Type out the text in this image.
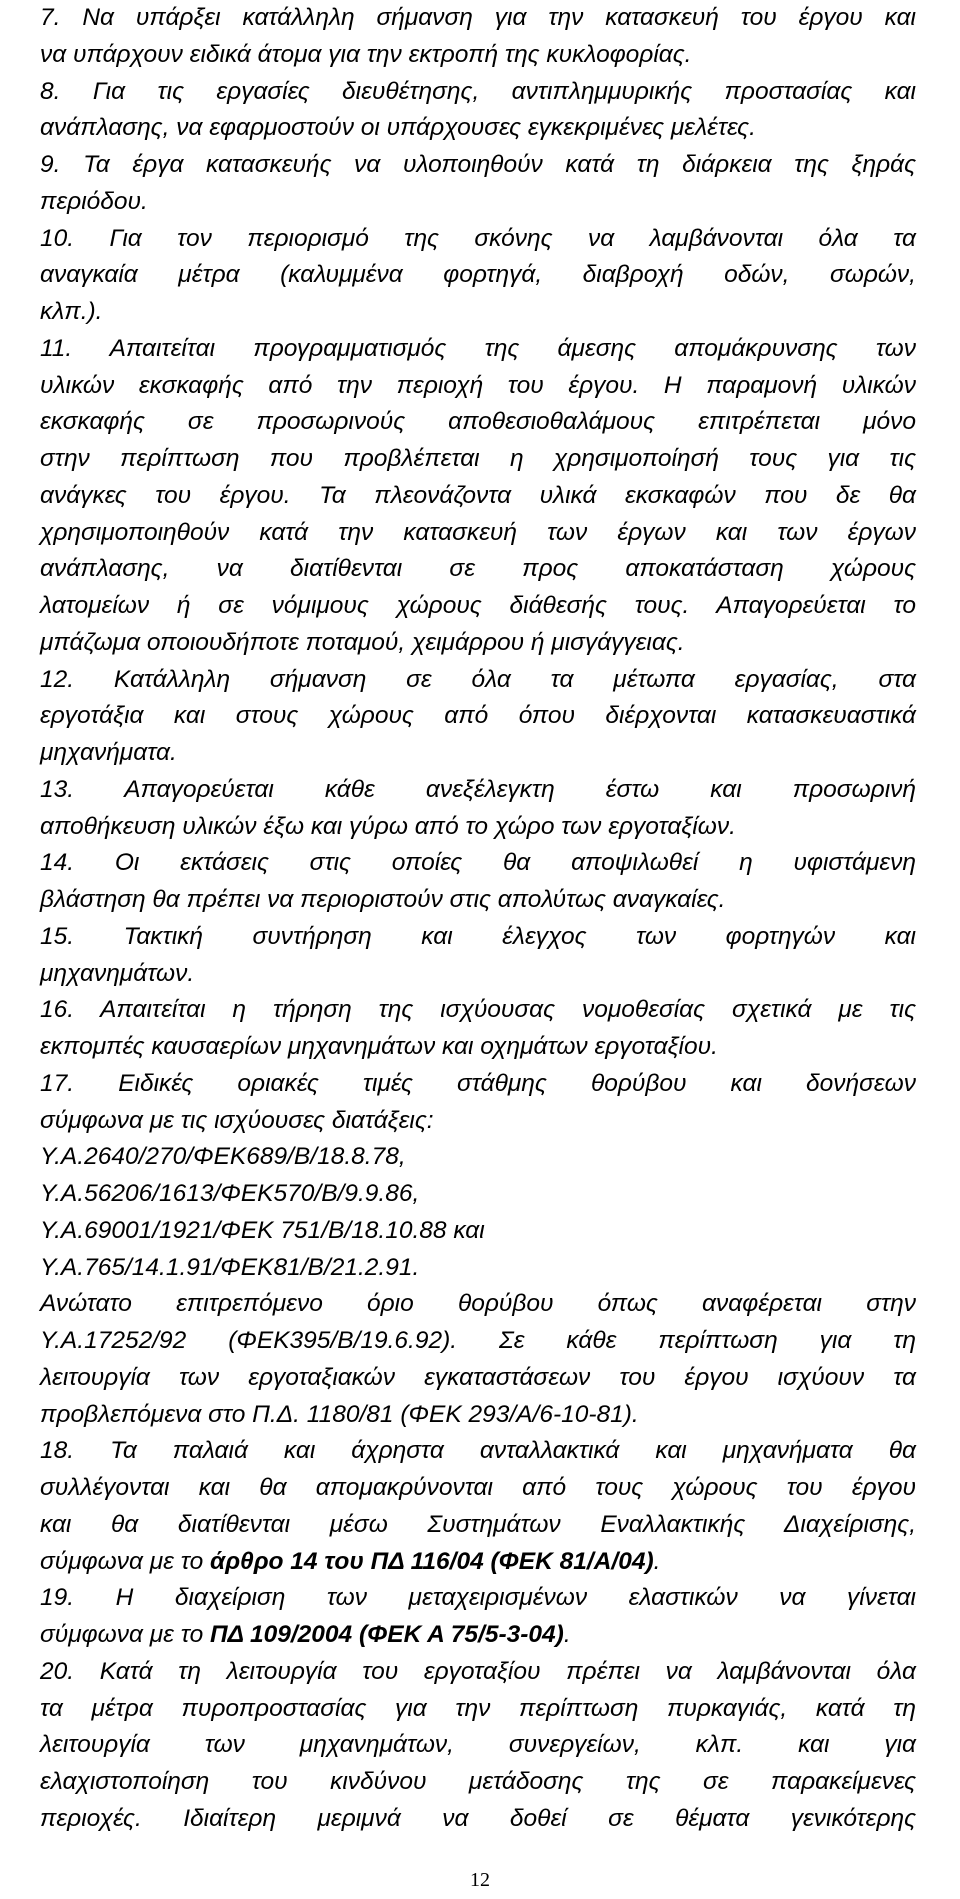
7. Να υπάρξει κατάλληλη σήμανση για την κατασκευή του έργου και
να υπάρχουν ειδικά άτομα για την εκτροπή της κυκλοφορίας.
8. Για τις εργασίες διευθέτησης, αντιπλημμυρικής προστασίας και
ανάπλασης, να εφαρμοστούν οι υπάρχουσες εγκεκριμένες μελέτες.
9. Τα έργα κατασκευής να υλοποιηθούν κατά τη διάρκεια της ξηράς
περιόδου.
10. Για τον περιορισμό της σκόνης να λαμβάνονται όλα τα
αναγκαία μέτρα (καλυμμένα φορτηγά, διαβροχή οδών, σωρών,
κλπ.).
11. Απαιτείται προγραμματισμός της άμεσης απομάκρυνσης των
υλικών εκσκαφής από την περιοχή του έργου. Η παραμονή υλικών
εκσκαφής σε προσωρινούς αποθεσιοθαλάμους επιτρέπεται μόνο
στην περίπτωση που προβλέπεται η χρησιμοποίησή τους για τις
ανάγκες του έργου. Τα πλεονάζοντα υλικά εκσκαφών που δε θα
χρησιμοποιηθούν κατά την κατασκευή των έργων και των έργων
ανάπλασης, να διατίθενται σε προς αποκατάσταση χώρους
λατομείων ή σε νόμιμους χώρους διάθεσής τους. Απαγορεύεται το
μπάζωμα οποιουδήποτε ποταμού, χειμάρρου ή μισγάγγειας.
12. Κατάλληλη σήμανση σε όλα τα μέτωπα εργασίας, στα
εργοτάξια και στους χώρους από όπου διέρχονται κατασκευαστικά
μηχανήματα.
13. Απαγορεύεται κάθε ανεξέλεγκτη έστω και προσωρινή
αποθήκευση υλικών έξω και γύρω από το χώρο των εργοταξίων.
14. Οι εκτάσεις στις οποίες θα αποψιλωθεί η υφιστάμενη
βλάστηση θα πρέπει να περιοριστούν στις απολύτως αναγκαίες.
15. Τακτική συντήρηση και έλεγχος των φορτηγών και
μηχανημάτων.
16. Απαιτείται η τήρηση της ισχύουσας νομοθεσίας σχετικά με τις
εκπομπές καυσαερίων μηχανημάτων και οχημάτων εργοταξίου.
17. Ειδικές οριακές τιμές στάθμης θορύβου και δονήσεων
σύμφωνα με τις ισχύουσες διατάξεις:
Υ.Α.2640/270/ΦΕΚ689/Β/18.8.78,
Υ.Α.56206/1613/ΦΕΚ570/Β/9.9.86,
Υ.Α.69001/1921/ΦΕΚ 751/Β/18.10.88 και
Υ.Α.765/14.1.91/ΦΕΚ81/Β/21.2.91.
Ανώτατο επιτρεπόμενο όριο θορύβου όπως αναφέρεται στην
Υ.Α.17252/92 (ΦΕΚ395/Β/19.6.92). Σε κάθε περίπτωση για τη
λειτουργία των εργοταξιακών εγκαταστάσεων του έργου ισχύουν τα
προβλεπόμενα στο Π.Δ. 1180/81 (ΦΕΚ 293/Α/6-10-81).
18. Τα παλαιά και άχρηστα ανταλλακτικά και μηχανήματα θα
συλλέγονται και θα απομακρύνονται από τους χώρους του έργου
και θα διατίθενται μέσω Συστημάτων Εναλλακτικής Διαχείρισης,
σύμφωνα με το άρθρο 14 του ΠΔ 116/04 (ΦΕΚ 81/Α/04).
19. Η διαχείριση των μεταχειρισμένων ελαστικών να γίνεται
σύμφωνα με το ΠΔ 109/2004 (ΦΕΚ Α 75/5-3-04).
20. Κατά τη λειτουργία του εργοταξίου πρέπει να λαμβάνονται όλα
τα μέτρα πυροπροστασίας για την περίπτωση πυρκαγιάς, κατά τη
λειτουργία των μηχανημάτων, συνεργείων, κλπ. και για
ελαχιστοποίηση του κινδύνου μετάδοσης της σε παρακείμενες
περιοχές. Ιδιαίτερη μεριμνά να δοθεί σε θέματα γενικότερης
12
